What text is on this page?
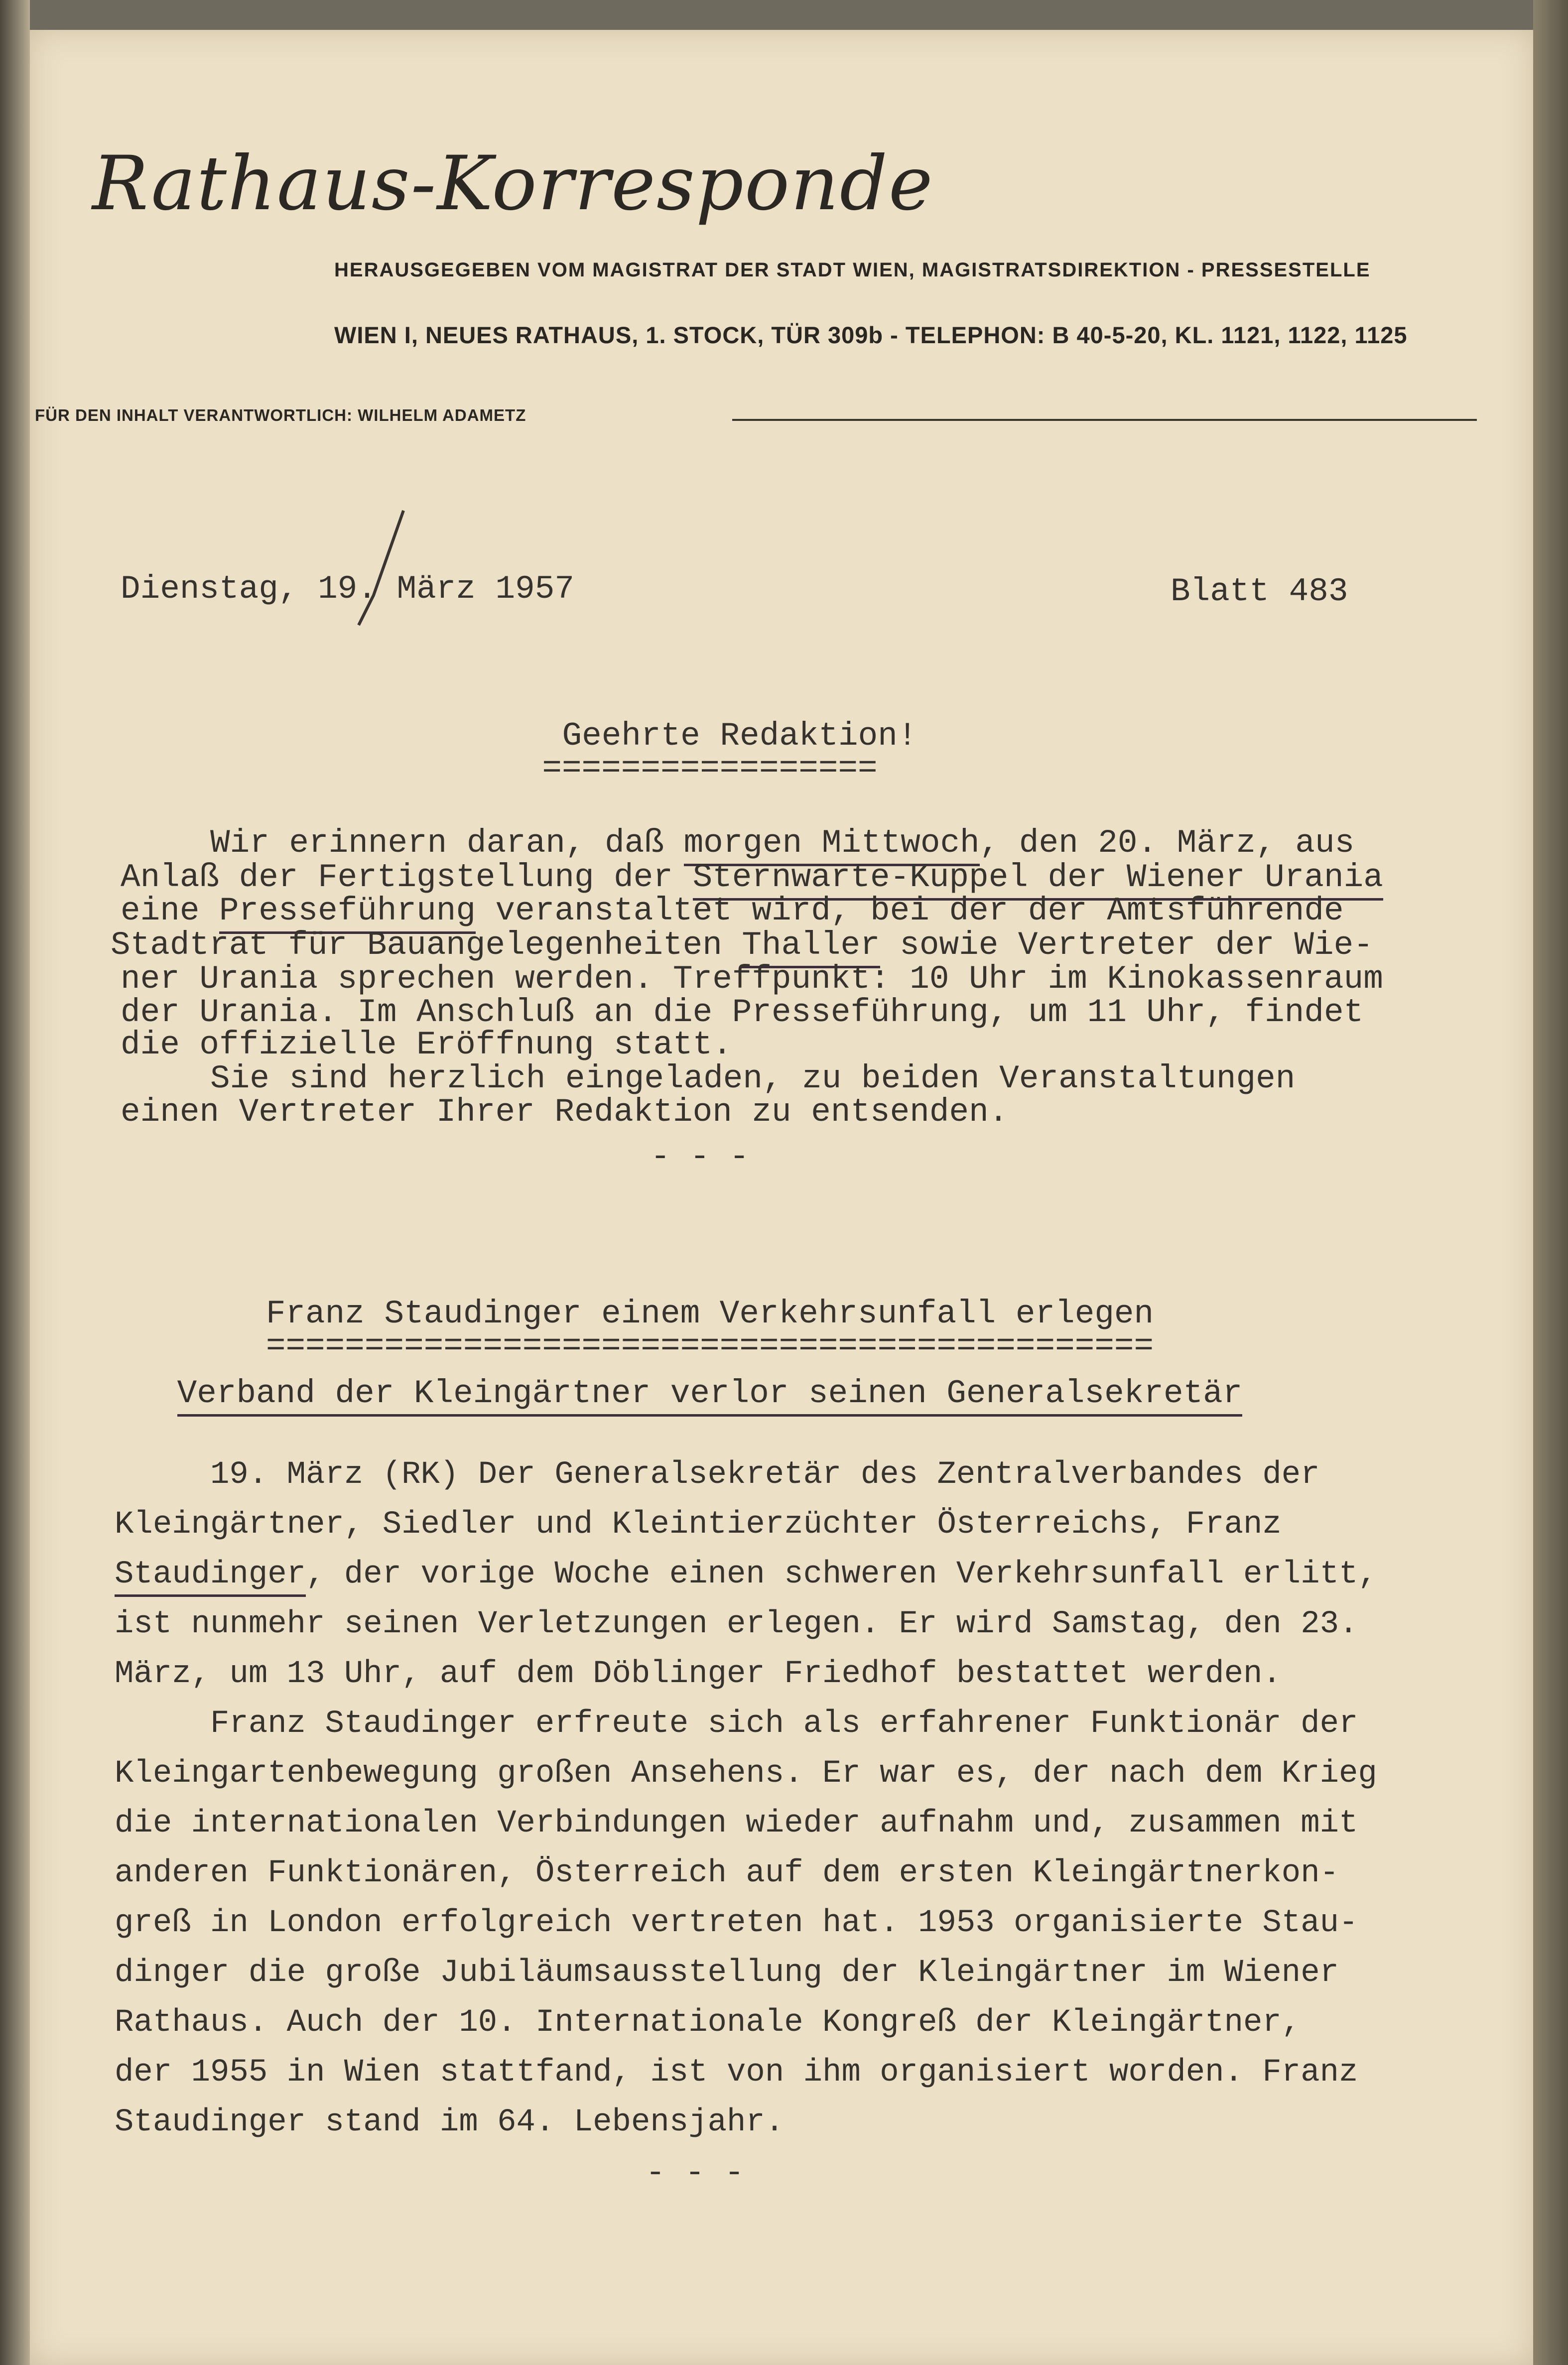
Rathaus-Korrespondenz
HERAUSGEGEBEN VOM MAGISTRAT DER STADT WIEN, MAGISTRATSDIREKTION - PRESSESTELLE
WIEN I, NEUES RATHAUS, 1. STOCK, TÜR 309b - TELEPHON: B 40-5-20, KL. 1121, 1122, 1125
FÜR DEN INHALT VERANTWORTLICH: WILHELM ADAMETZ
Dienstag, 19. März 1957	Blatt 483
Geehrte Redaktion!
=================
Wir erinnern daran, daß morgen Mittwoch, den 20. März, aus
Anlaß der Fertigstellung der Sternwarte-Kuppel der Wiener Urania
eine Presseführung veranstaltet wird, bei der der Amtsführende
Stadtrat für Bauangelegenheiten Thaller sowie Vertreter der Wie-
ner Urania sprechen werden. Treffpunkt: 10 Uhr im Kinokassenraum
der Urania. Im Anschluß an die Presseführung, um 11 Uhr, findet
die offizielle Eröffnung statt.
Sie sind herzlich eingeladen, zu beiden Veranstaltungen
einen Vertreter Ihrer Redaktion zu entsenden.
- - -
Franz Staudinger einem Verkehrsunfall erlegen
=============================================
Verband der Kleingärtner verlor seinen Generalsekretär
19. März (RK) Der Generalsekretär des Zentralverbandes der
Kleingärtner, Siedler und Kleintierzüchter Österreichs, Franz
Staudinger, der vorige Woche einen schweren Verkehrsunfall erlitt,
ist nunmehr seinen Verletzungen erlegen. Er wird Samstag, den 23.
März, um 13 Uhr, auf dem Döblinger Friedhof bestattet werden.
Franz Staudinger erfreute sich als erfahrener Funktionär der
Kleingartenbewegung großen Ansehens. Er war es, der nach dem Krieg
die internationalen Verbindungen wieder aufnahm und, zusammen mit
anderen Funktionären, Österreich auf dem ersten Kleingärtnerkon-
greß in London erfolgreich vertreten hat. 1953 organisierte Stau-
dinger die große Jubiläumsausstellung der Kleingärtner im Wiener
Rathaus. Auch der 10. Internationale Kongreß der Kleingärtner,
der 1955 in Wien stattfand, ist von ihm organisiert worden. Franz
Staudinger stand im 64. Lebensjahr.
- - -
